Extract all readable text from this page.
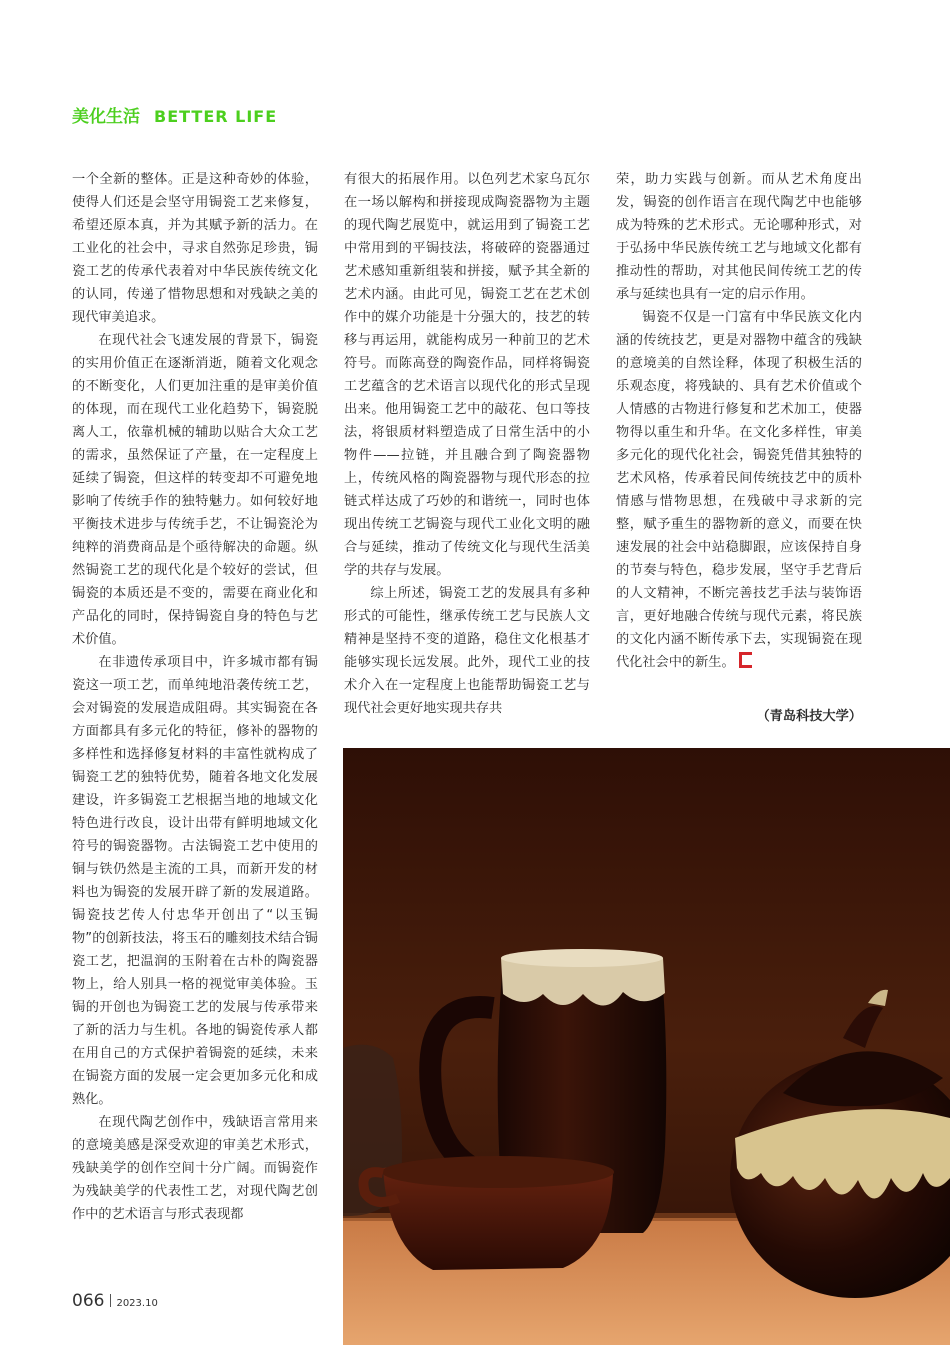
美化生活 BETTER LIFE

一个全新的整体。正是这种奇妙的体验，使得人们还是会坚守用锔瓷工艺来修复，希望还原本真，并为其赋予新的活力。在工业化的社会中，寻求自然弥足珍贵，锔瓷工艺的传承代表着对中华民族传统文化的认同，传递了惜物思想和对残缺之美的现代审美追求。

在现代社会飞速发展的背景下，锔瓷的实用价值正在逐渐消逝，随着文化观念的不断变化，人们更加注重的是审美价值的体现，而在现代工业化趋势下，锔瓷脱离人工，依靠机械的辅助以贴合大众工艺的需求，虽然保证了产量，在一定程度上延续了锔瓷，但这样的转变却不可避免地影响了传统手作的独特魅力。如何较好地平衡技术进步与传统手艺，不让锔瓷沦为纯粹的消费商品是个亟待解决的命题。纵然锔瓷工艺的现代化是个较好的尝试，但锔瓷的本质还是不变的，需要在商业化和产品化的同时，保持锔瓷自身的特色与艺术价值。

在非遗传承项目中，许多城市都有锔瓷这一项工艺，而单纯地沿袭传统工艺，会对锔瓷的发展造成阻碍。其实锔瓷在各方面都具有多元化的特征，修补的器物的多样性和选择修复材料的丰富性就构成了锔瓷工艺的独特优势，随着各地文化发展建设，许多锔瓷工艺根据当地的地域文化特色进行改良，设计出带有鲜明地域文化符号的锔瓷器物。古法锔瓷工艺中使用的铜与铁仍然是主流的工具，而新开发的材料也为锔瓷的发展开辟了新的发展道路。锔瓷技艺传人付忠华开创出了“以玉锔物”的创新技法，将玉石的雕刻技术结合锔瓷工艺，把温润的玉附着在古朴的陶瓷器物上，给人别具一格的视觉审美体验。玉锔的开创也为锔瓷工艺的发展与传承带来了新的活力与生机。各地的锔瓷传承人都在用自己的方式保护着锔瓷的延续，未来在锔瓷方面的发展一定会更加多元化和成熟化。

在现代陶艺创作中，残缺语言常用来的意境美感是深受欢迎的审美艺术形式，残缺美学的创作空间十分广阔。而锔瓷作为残缺美学的代表性工艺，对现代陶艺创作中的艺术语言与形式表现都

有很大的拓展作用。以色列艺术家乌瓦尔在一场以解构和拼接现成陶瓷器物为主题的现代陶艺展览中，就运用到了锔瓷工艺中常用到的平锔技法，将破碎的瓷器通过艺术感知重新组装和拼接，赋予其全新的艺术内涵。由此可见，锔瓷工艺在艺术创作中的媒介功能是十分强大的，技艺的转移与再运用，就能构成另一种前卫的艺术符号。而陈高登的陶瓷作品，同样将锔瓷工艺蕴含的艺术语言以现代化的形式呈现出来。他用锔瓷工艺中的敲花、包口等技法，将银质材料塑造成了日常生活中的小物件——拉链，并且融合到了陶瓷器物上，传统风格的陶瓷器物与现代形态的拉链式样达成了巧妙的和谐统一，同时也体现出传统工艺锔瓷与现代工业化文明的融合与延续，推动了传统文化与现代生活美学的共存与发展。

综上所述，锔瓷工艺的发展具有多种形式的可能性，继承传统工艺与民族人文精神是坚持不变的道路，稳住文化根基才能够实现长远发展。此外，现代工业的技术介入在一定程度上也能帮助锔瓷工艺与现代社会更好地实现共存共

荣，助力实践与创新。而从艺术角度出发，锔瓷的创作语言在现代陶艺中也能够成为特殊的艺术形式。无论哪种形式，对于弘扬中华民族传统工艺与地域文化都有推动性的帮助，对其他民间传统工艺的传承与延续也具有一定的启示作用。

锔瓷不仅是一门富有中华民族文化内涵的传统技艺，更是对器物中蕴含的残缺的意境美的自然诠释，体现了积极生活的乐观态度，将残缺的、具有艺术价值或个人情感的古物进行修复和艺术加工，使器物得以重生和升华。在文化多样性，审美多元化的现代化社会，锔瓷凭借其独特的艺术风格，传承着民间传统技艺中的质朴情感与惜物思想，在残破中寻求新的完整，赋予重生的器物新的意义，而要在快速发展的社会中站稳脚跟，应该保持自身的节奏与特色，稳步发展，坚守手艺背后的人文精神，不断完善技艺手法与装饰语言，更好地融合传统与现代元素，将民族的文化内涵不断传承下去，实现锔瓷在现代化社会中的新生。

（青岛科技大学）
066 2023.10
